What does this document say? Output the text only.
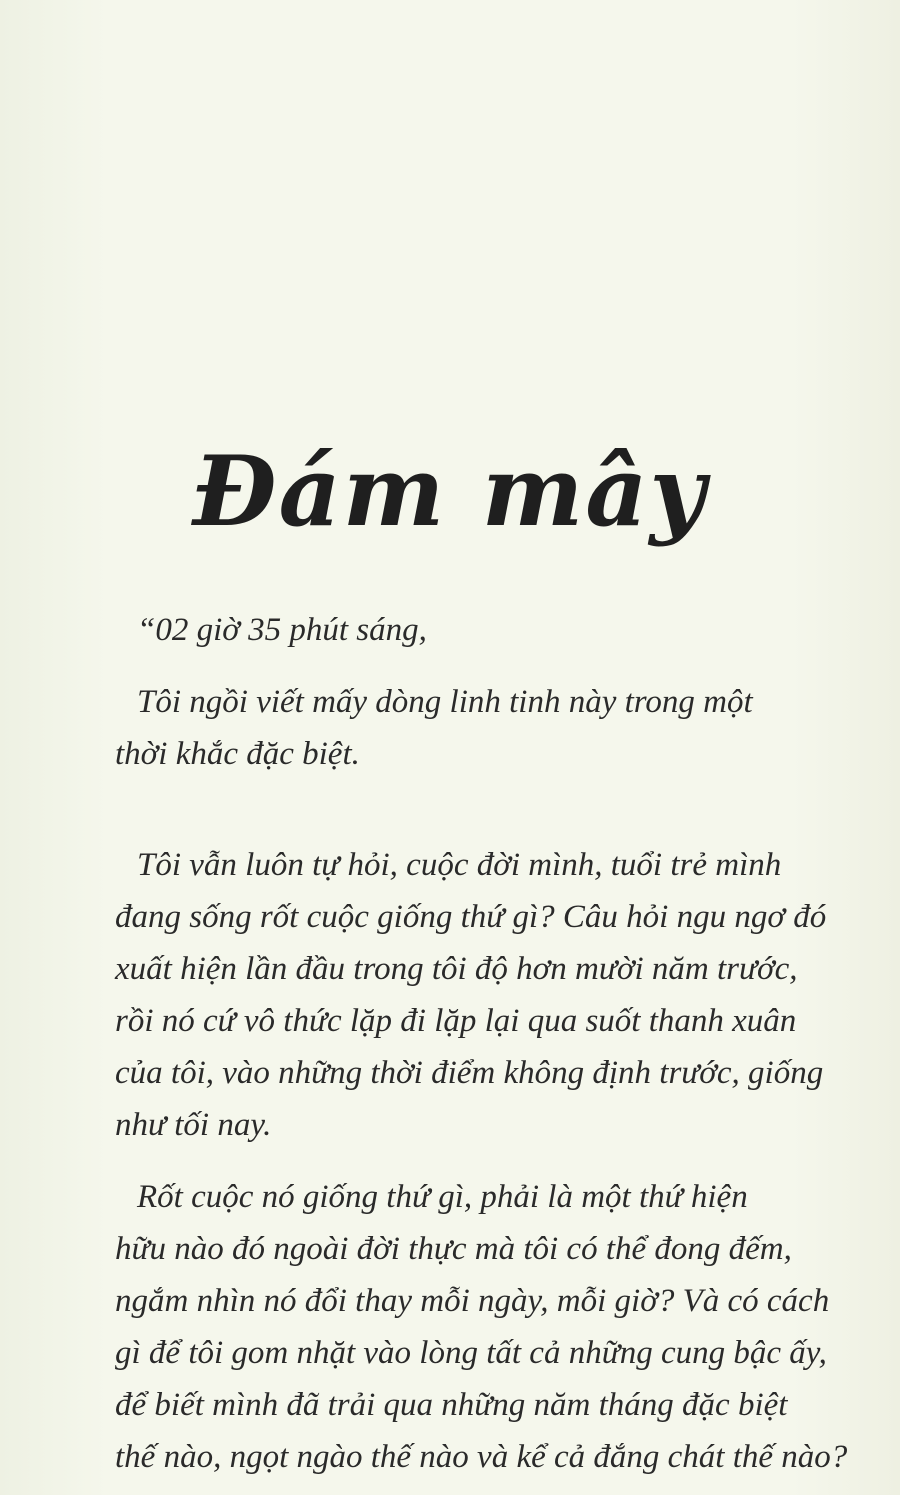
Đám mây

“02 giờ 35 phút sáng,

Tôi ngồi viết mấy dòng linh tinh này trong một
thời khắc đặc biệt.

Tôi vẫn luôn tự hỏi, cuộc đời mình, tuổi trẻ mình
đang sống rốt cuộc giống thứ gì? Câu hỏi ngu ngơ đó
xuất hiện lần đầu trong tôi độ hơn mười năm trước,
rồi nó cứ vô thức lặp đi lặp lại qua suốt thanh xuân
của tôi, vào những thời điểm không định trước, giống
như tối nay.

Rốt cuộc nó giống thứ gì, phải là một thứ hiện
hữu nào đó ngoài đời thực mà tôi có thể đong đếm,
ngắm nhìn nó đổi thay mỗi ngày, mỗi giờ? Và có cách
gì để tôi gom nhặt vào lòng tất cả những cung bậc ấy,
để biết mình đã trải qua những năm tháng đặc biệt
thế nào, ngọt ngào thế nào và kể cả đắng chát thế nào?
